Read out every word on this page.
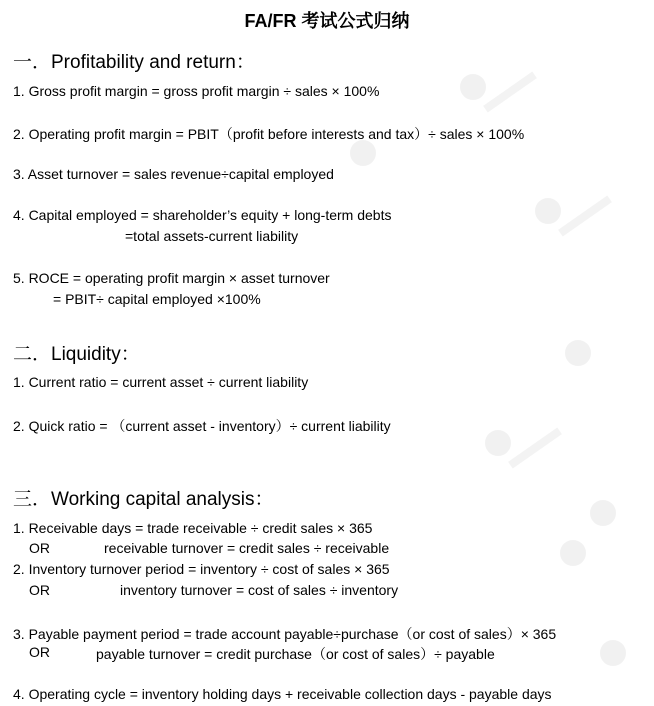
FA/FR 考试公式归纳
一．Profitability and return：
1. Gross profit margin = gross profit margin ÷ sales × 100%
2. Operating profit margin = PBIT（profit before interests and tax）÷ sales × 100%
3. Asset turnover = sales revenue÷capital employed
4. Capital employed = shareholder’s equity + long-term debts
=total assets-current liability
5. ROCE = operating profit margin × asset turnover
= PBIT÷ capital employed ×100%
二．Liquidity：
1. Current ratio = current asset ÷ current liability
2. Quick ratio = （current asset - inventory）÷ current liability
三．Working capital analysis：
1. Receivable days = trade receivable ÷ credit sales × 365
OR	receivable turnover = credit sales ÷ receivable
2. Inventory turnover period = inventory ÷ cost of sales × 365
OR	inventory turnover = cost of sales ÷ inventory
3. Payable payment period = trade account payable÷purchase（or cost of sales）× 365
OR	payable turnover = credit purchase（or cost of sales）÷ payable
4. Operating cycle = inventory holding days + receivable collection days - payable days
